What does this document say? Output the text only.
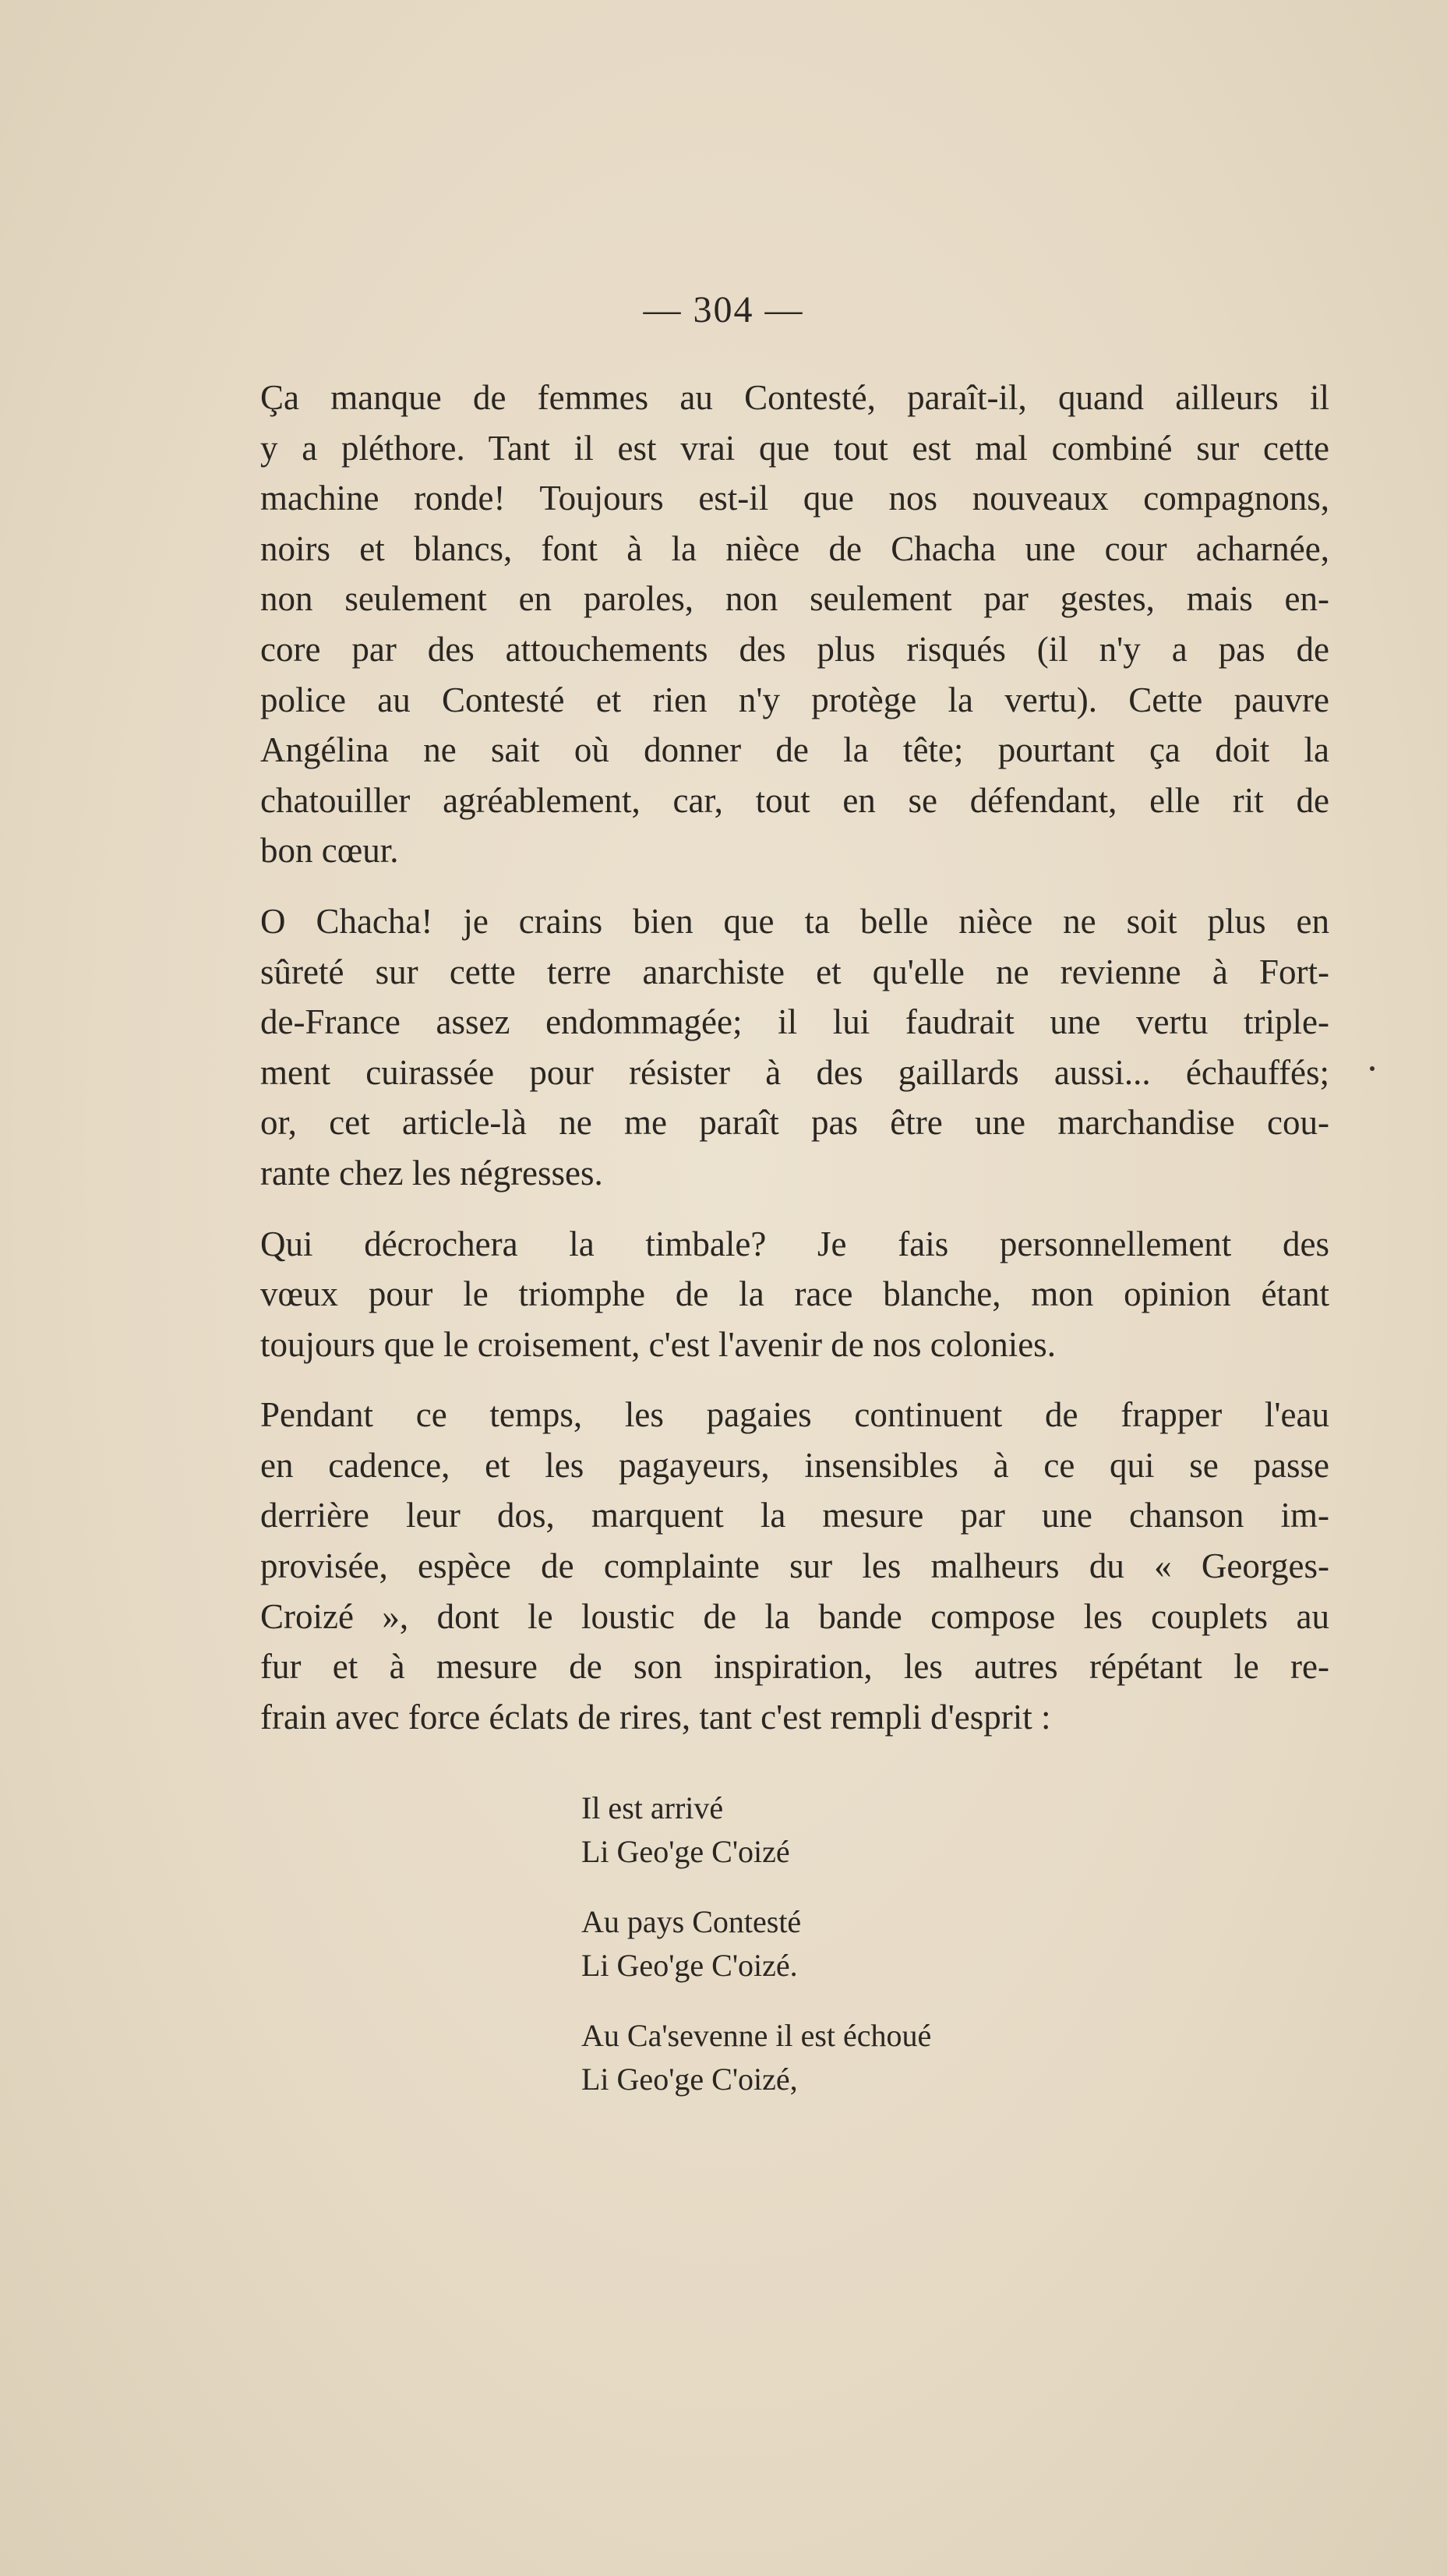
— 304 —

Ça manque de femmes au Contesté, paraît-il, quand ailleurs il
y a pléthore. Tant il est vrai que tout est mal combiné sur cette
machine ronde! Toujours est-il que nos nouveaux compagnons,
noirs et blancs, font à la nièce de Chacha une cour acharnée,
non seulement en paroles, non seulement par gestes, mais en-
core par des attouchements des plus risqués (il n'y a pas de
police au Contesté et rien n'y protège la vertu). Cette pauvre
Angélina ne sait où donner de la tête; pourtant ça doit la
chatouiller agréablement, car, tout en se défendant, elle rit de
bon cœur.

O Chacha! je crains bien que ta belle nièce ne soit plus en
sûreté sur cette terre anarchiste et qu'elle ne revienne à Fort-
de-France assez endommagée; il lui faudrait une vertu triple-
ment cuirassée pour résister à des gaillards aussi... échauffés;
or, cet article-là ne me paraît pas être une marchandise cou-
rante chez les négresses.

Qui décrochera la timbale? Je fais personnellement des
vœux pour le triomphe de la race blanche, mon opinion étant
toujours que le croisement, c'est l'avenir de nos colonies.

Pendant ce temps, les pagaies continuent de frapper l'eau
en cadence, et les pagayeurs, insensibles à ce qui se passe
derrière leur dos, marquent la mesure par une chanson im-
provisée, espèce de complainte sur les malheurs du « Georges-
Croizé », dont le loustic de la bande compose les couplets au
fur et à mesure de son inspiration, les autres répétant le re-
frain avec force éclats de rires, tant c'est rempli d'esprit :

Il est arrivé
Li Geo'ge C'oizé
Au pays Contesté
Li Geo'ge C'oizé.
Au Ca'sevenne il est échoué
Li Geo'ge C'oizé,
